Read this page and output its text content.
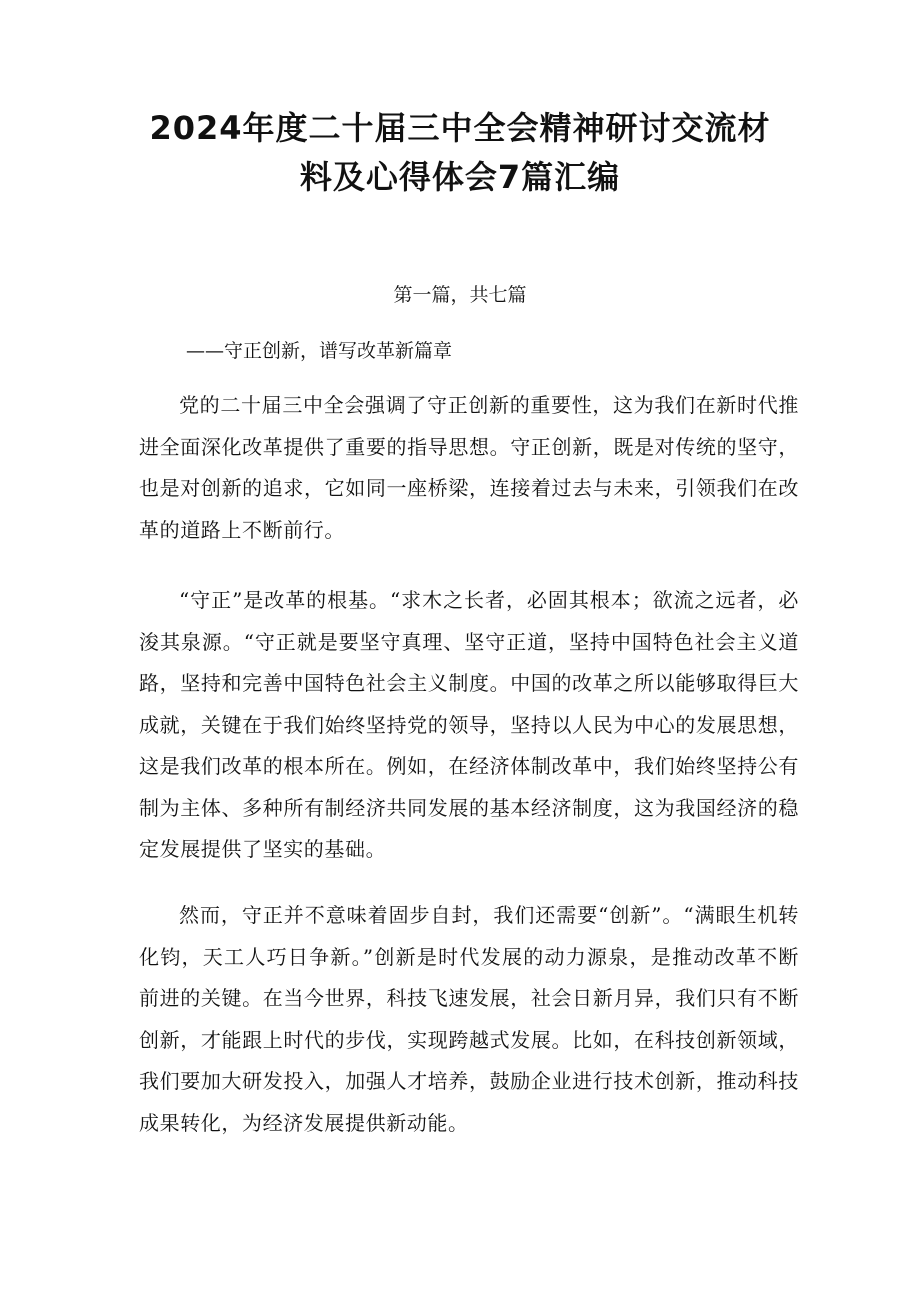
2024年度二十届三中全会精神研讨交流材
料及心得体会7篇汇编

第一篇，共七篇

——守正创新，谱写改革新篇章

党的二十届三中全会强调了守正创新的重要性，这为我们在新时代推进全面深化改革提供了重要的指导思想。守正创新，既是对传统的坚守，也是对创新的追求，它如同一座桥梁，连接着过去与未来，引领我们在改革的道路上不断前行。

“守正”是改革的根基。“求木之长者，必固其根本；欲流之远者，必浚其泉源。“守正就是要坚守真理、坚守正道，坚持中国特色社会主义道路，坚持和完善中国特色社会主义制度。中国的改革之所以能够取得巨大成就，关键在于我们始终坚持党的领导，坚持以人民为中心的发展思想，这是我们改革的根本所在。例如，在经济体制改革中，我们始终坚持公有制为主体、多种所有制经济共同发展的基本经济制度，这为我国经济的稳定发展提供了坚实的基础。

然而，守正并不意味着固步自封，我们还需要“创新”。“满眼生机转化钧，天工人巧日争新。”创新是时代发展的动力源泉，是推动改革不断前进的关键。在当今世界，科技飞速发展，社会日新月异，我们只有不断创新，才能跟上时代的步伐，实现跨越式发展。比如，在科技创新领域，我们要加大研发投入，加强人才培养，鼓励企业进行技术创新，推动科技成果转化，为经济发展提供新动能。
